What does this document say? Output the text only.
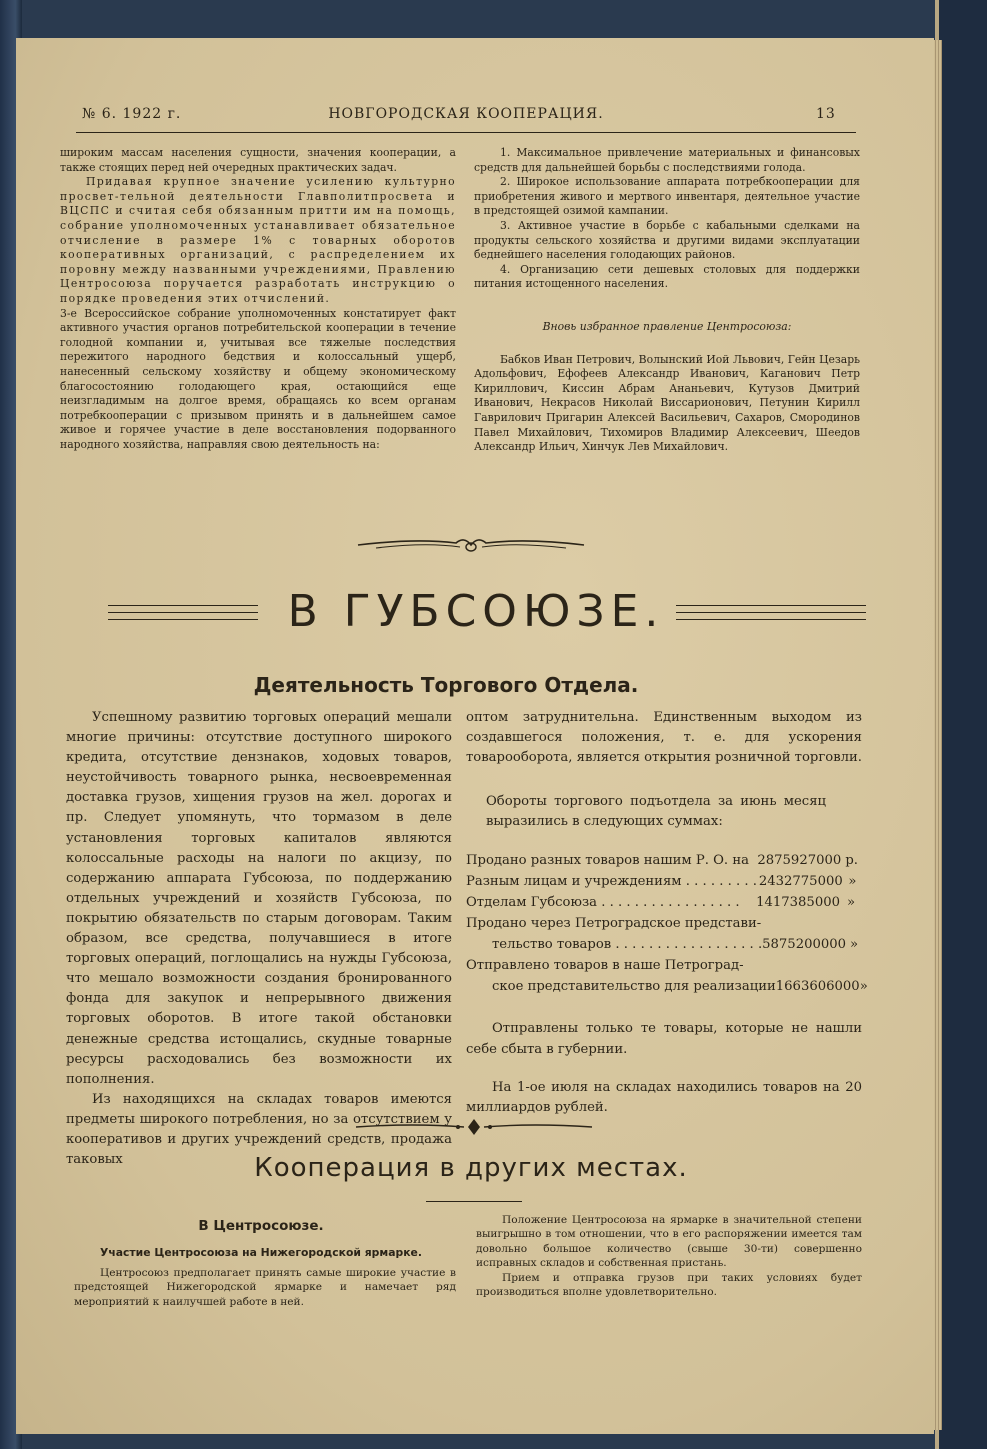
№ 6. 1922 г.	НОВГОРОДСКАЯ КООПЕРАЦИЯ.	13

широким массам населения сущности, значения кооперации, а также стоящих перед ней очередных практических задач.

Придавая крупное значение усилению культурно просвет-тельной деятельности Главполитпросвета и ВЦСПС и считая себя обязанным притти им на помощь, собрание уполномоченных устанавливает обязательное отчисление в размере 1% с товарных оборотов кооперативных организаций, с распределением их поровну между названными учреждениями, Правлению Центросоюза поручается разработать инструкцию о порядке проведения этих отчислений.

3-е Всероссийское собрание уполномоченных констатирует факт активного участия органов потребительской кооперации в течение голодной компании и, учитывая все тяжелые последствия пережитого народного бедствия и колоссальный ущерб, нанесенный сельскому хозяйству и общему экономическому благосостоянию голодающего края, остающийся еще неизгладимым на долгое время, обращаясь ко всем органам потребкооперации с призывом принять и в дальнейшем самое живое и горячее участие в деле восстановления подорванного народного хозяйства, направляя свою деятельность на:

1. Максимальное привлечение материальных и финансовых средств для дальнейшей борьбы с последствиями голода.

2. Широкое использование аппарата потребкооперации для приобретения живого и мертвого инвентаря, деятельное участие в предстоящей озимой кампании.

3. Активное участие в борьбе с кабальными сделками на продукты сельского хозяйства и другими видами эксплуатации беднейшего населения голодающих районов.

4. Организацию сети дешевых столовых для поддержки питания истощенного населения.

Вновь избранное правление Центросоюза:

Бабков Иван Петрович, Волынский Иой Львович, Гейн Цезарь Адольфович, Ефофеев Александр Иванович, Каганович Петр Кириллович, Киссин Абрам Ананьевич, Кутузов Дмитрий Иванович, Некрасов Николай Виссарионович, Петунин Кирилл Гаврилович Пригарин Алексей Васильевич, Сахаров, Смородинов Павел Михайлович, Тихомиров Владимир Алексеевич, Шеедов Александр Ильич, Хинчук Лев Михайлович.

В ГУБСОЮЗЕ.
Деятельность Торгового Отдела.

Успешному развитию торговых операций мешали многие причины: отсутствие доступного широкого кредита, отсутствие дензнаков, ходовых товаров, неустойчивость товарного рынка, несвоевременная доставка грузов, хищения грузов на жел. дорогах и пр. Следует упомянуть, что тормазом в деле установления торговых капиталов являются колоссальные расходы на налоги по акцизу, по содержанию аппарата Губсоюза, по поддержанию отдельных учреждений и хозяйств Губсоюза, по покрытию обязательств по старым договорам. Таким образом, все средства, получавшиеся в итоге торговых операций, поглощались на нужды Губсоюза, что мешало возможности создания бронированного фонда для закупок и непрерывного движения торговых оборотов. В итоге такой обстановки денежные средства истощались, скудные товарные ресурсы расходовались без возможности их пополнения.

Из находящихся на складах товаров имеются предметы широкого потребления, но за отсутствием у кооперативов и других учреждений средств, продажа таковых

оптом затруднительна. Единственным выходом из создавшегося положения, т. е. для ускорения товарооборота, является открытия розничной торговли.

Обороты торгового подъотдела за июнь месяц выразились в следующих суммах:

Продано разных товаров нашим Р. О. на 2875927000 р.
Разным лицам и учреждениям . . . . . . . . . 2432775000 »
Отделам Губсоюза . . . . . . . . . . . . . . . . .	1417385000 »
Продано через Петроградское представи-
тельство товаров . . . . . . . . . . . . . . . . . . 5875200000 »
Отправлено товаров в наше Петроград-
ское представительство для реализации 1663606000 »

Отправлены только те товары, которые не нашли себе сбыта в губернии.

На 1-ое июля на складах находились товаров на 20 миллиардов рублей.

Кооперация в других местах.
В Центросоюзе.
Участие Центросоюза на Нижегородской ярмарке.

Центросоюз предполагает принять самые широкие участие в предстоящей Нижегородской ярмарке и намечает ряд мероприятий к наилучшей работе в ней.

Положение Центросоюза на ярмарке в значительной степени выигрышно в том отношении, что в его распоряжении имеется там довольно большое количество (свыше 30-ти) совершенно исправных складов и собственная пристань.

Прием и отправка грузов при таких условиях будет производиться вполне удовлетворительно.
